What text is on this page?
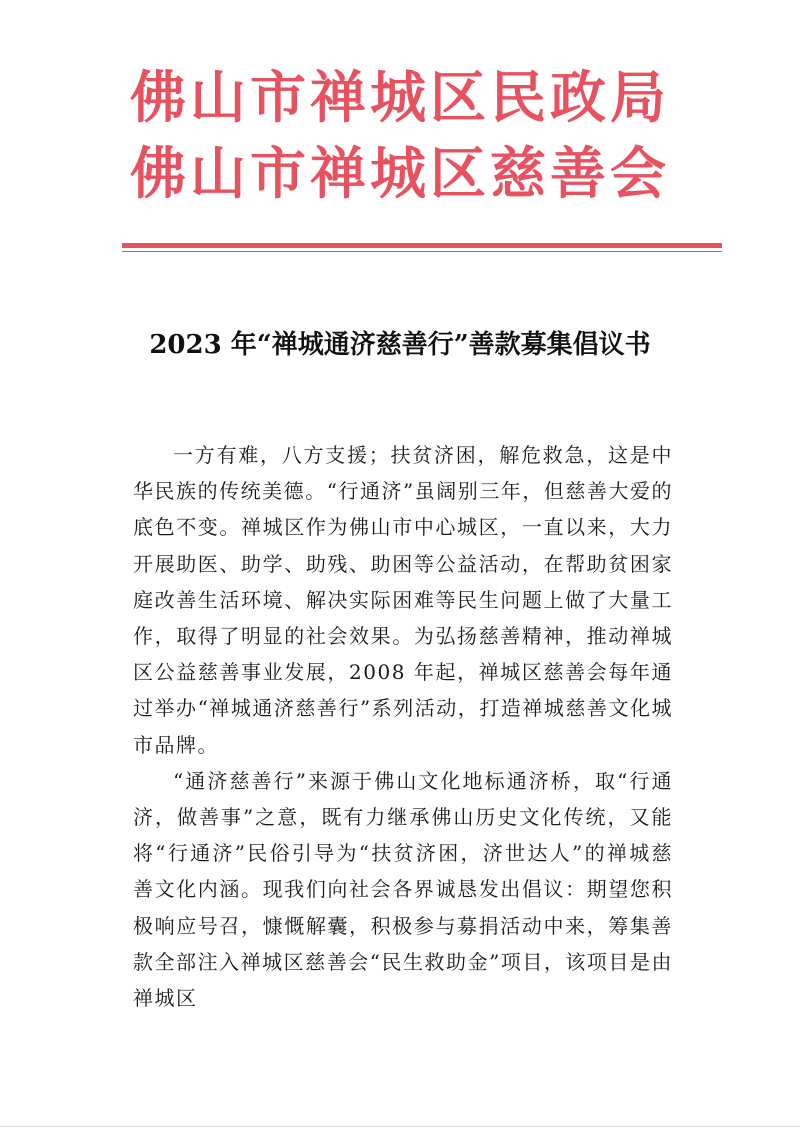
佛山市禅城区民政局
佛山市禅城区慈善会
2023 年“禅城通济慈善行”善款募集倡议书

一方有难，八方支援；扶贫济困，解危救急，这是中华民族的传统美德。“行通济”虽阔别三年，但慈善大爱的底色不变。禅城区作为佛山市中心城区，一直以来，大力开展助医、助学、助残、助困等公益活动，在帮助贫困家庭改善生活环境、解决实际困难等民生问题上做了大量工作，取得了明显的社会效果。为弘扬慈善精神，推动禅城区公益慈善事业发展，2008 年起，禅城区慈善会每年通过举办“禅城通济慈善行”系列活动，打造禅城慈善文化城市品牌。

“通济慈善行”来源于佛山文化地标通济桥，取“行通济，做善事”之意，既有力继承佛山历史文化传统，又能将“行通济”民俗引导为“扶贫济困，济世达人”的禅城慈善文化内涵。现我们向社会各界诚恳发出倡议：期望您积极响应号召，慷慨解囊，积极参与募捐活动中来，筹集善款全部注入禅城区慈善会“民生救助金”项目，该项目是由禅城区
